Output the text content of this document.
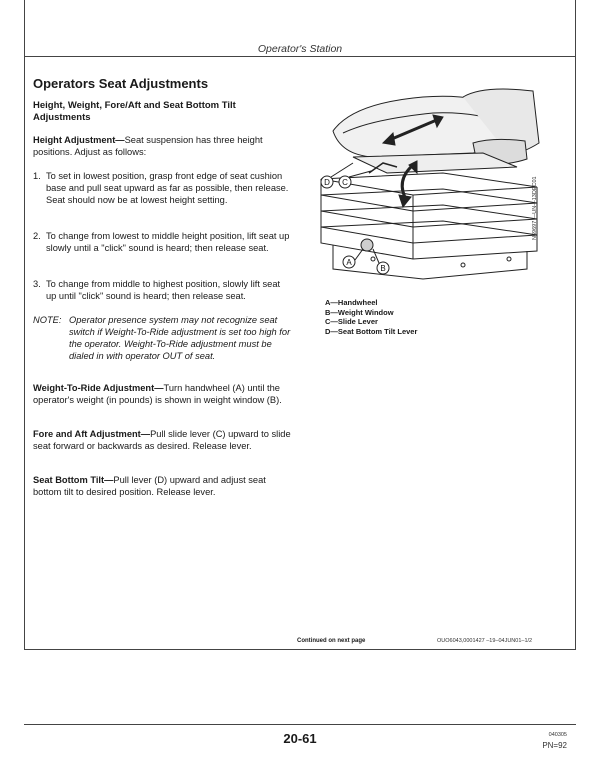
Operator's Station
Operators Seat Adjustments
Height, Weight, Fore/Aft and Seat Bottom Tilt Adjustments
Height Adjustment—Seat suspension has three height positions. Adjust as follows:
1. To set in lowest position, grasp front edge of seat cushion base and pull seat upward as far as possible, then release. Seat should now be at lowest height setting.
2. To change from lowest to middle height position, lift seat up slowly until a "click" sound is heard; then release seat.
3. To change from middle to highest position, slowly lift seat up until "click" sound is heard; then release seat.
NOTE: Operator presence system may not recognize seat switch if Weight-To-Ride adjustment is set too high for the operator. Weight-To-Ride adjustment must be dialed in with operator OUT of seat.
Weight-To-Ride Adjustment—Turn handwheel (A) until the operator's weight (in pounds) is shown in weight window (B).
Fore and Aft Adjustment—Pull slide lever (C) upward to slide seat forward or backwards as desired. Release lever.
Seat Bottom Tilt—Pull lever (D) upward and adjust seat bottom tilt to desired position. Release lever.
D C
A
B
N69697 —UN—13DEC01
A—Handwheel
B—Weight Window
C—Slide Lever
D—Seat Bottom Tilt Lever
Continued on next page	OUO6043,0001427 –19–04JUN01–1/2
20-61	040305
PN=92
